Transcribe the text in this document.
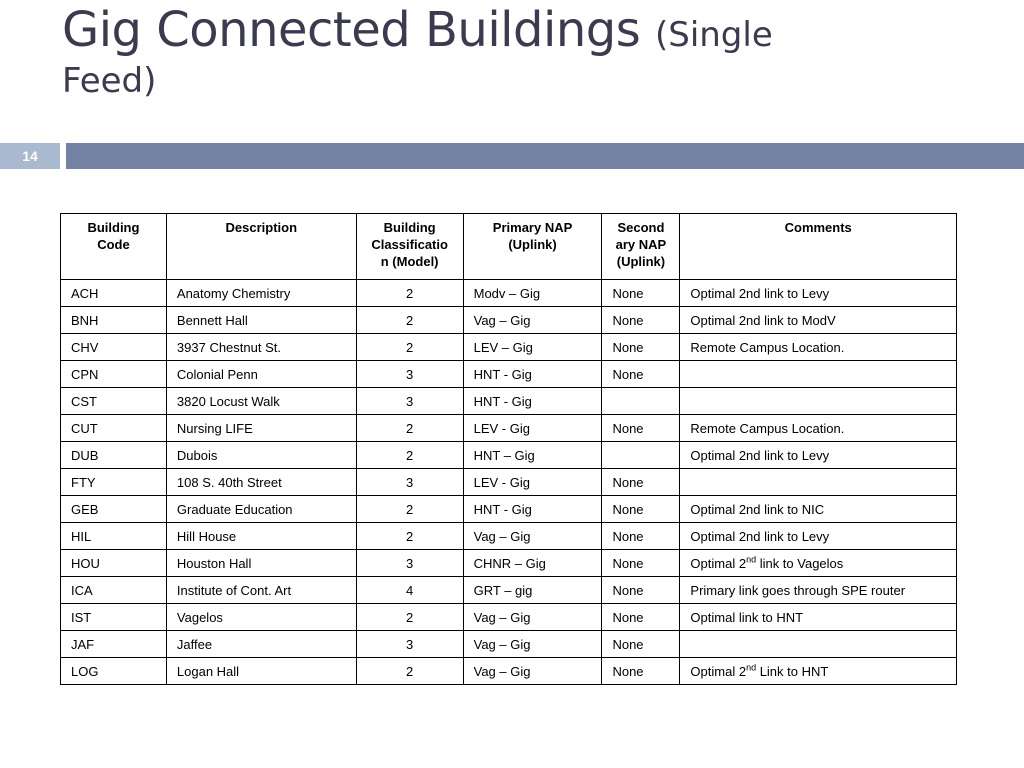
Gig Connected Buildings (Single
Feed)
14
Building
Code	Description	Building
Classificatio
n (Model)	Primary NAP
(Uplink)	Second
ary NAP
(Uplink)	Comments
ACH	Anatomy Chemistry	2	Modv – Gig	None	Optimal 2nd link to Levy
BNH	Bennett Hall	2	Vag – Gig	None	Optimal 2nd link to ModV
CHV	3937 Chestnut St.	2	LEV – Gig	None	Remote Campus Location.
CPN	Colonial Penn	3	HNT - Gig	None	
CST	3820 Locust Walk	3	HNT - Gig		
CUT	Nursing LIFE	2	LEV - Gig	None	Remote Campus Location.
DUB	Dubois	2	HNT – Gig		Optimal 2nd link to Levy
FTY	108 S. 40th Street	3	LEV - Gig	None	
GEB	Graduate Education	2	HNT - Gig	None	Optimal 2nd link to NIC
HIL	Hill House	2	Vag – Gig	None	Optimal 2nd link to Levy
HOU	Houston Hall	3	CHNR – Gig	None	Optimal 2nd link to Vagelos
ICA	Institute of Cont. Art	4	GRT – gig	None	Primary link goes through SPE router
IST	Vagelos	2	Vag – Gig	None	Optimal link to HNT
JAF	Jaffee	3	Vag – Gig	None	
LOG	Logan Hall	2	Vag – Gig	None	Optimal 2nd Link to HNT
